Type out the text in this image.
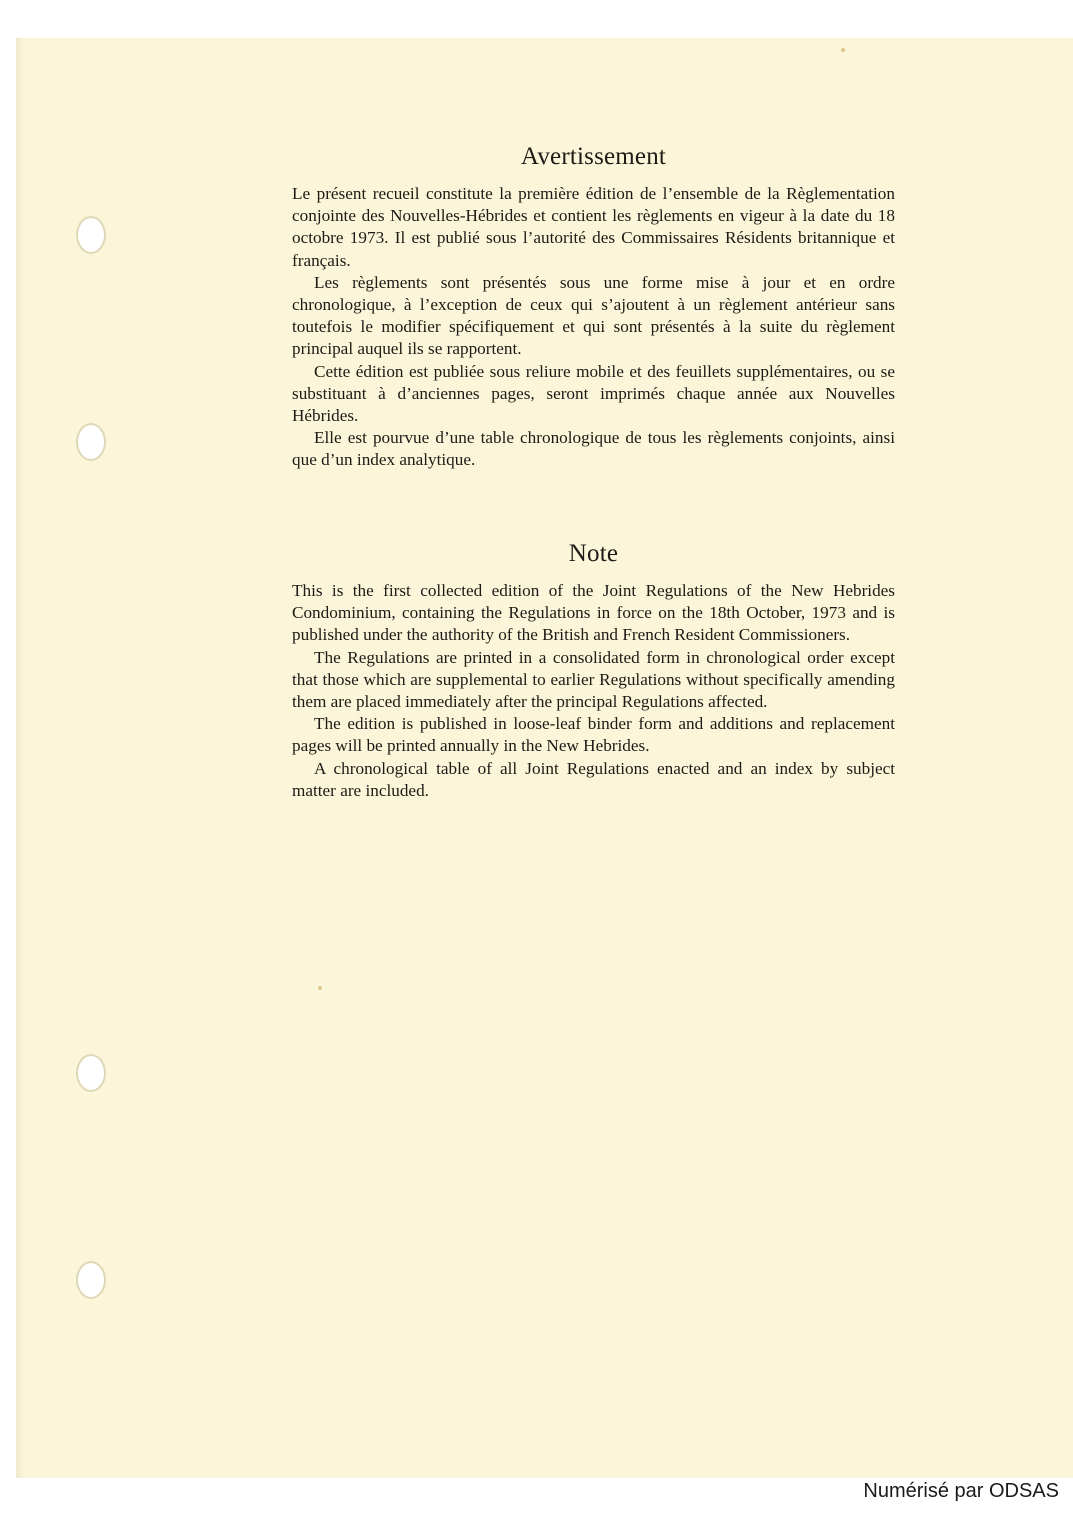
Avertissement

Le présent recueil constitute la première édition de l’ensemble de la Règlementation conjointe des Nouvelles-Hébrides et contient les règlements en vigeur à la date du 18 octobre 1973. Il est publié sous l’autorité des Commissaires Résidents britannique et français.

Les règlements sont présentés sous une forme mise à jour et en ordre chronologique, à l’exception de ceux qui s’ajoutent à un règlement antérieur sans toutefois le modifier spécifiquement et qui sont présentés à la suite du règlement principal auquel ils se rapportent.

Cette édition est publiée sous reliure mobile et des feuillets supplémentaires, ou se substituant à d’anciennes pages, seront imprimés chaque année aux Nouvelles Hébrides.

Elle est pourvue d’une table chronologique de tous les règlements conjoints, ainsi que d’un index analytique.

Note

This is the first collected edition of the Joint Regulations of the New Hebrides Condominium, containing the Regulations in force on the 18th October, 1973 and is published under the authority of the British and French Resident Commissioners.

The Regulations are printed in a consolidated form in chronological order except that those which are supplemental to earlier Regulations without specifically amending them are placed immediately after the principal Regulations affected.

The edition is published in loose-leaf binder form and additions and replacement pages will be printed annually in the New Hebrides.

A chronological table of all Joint Regulations enacted and an index by subject matter are included.

Numérisé par ODSAS
